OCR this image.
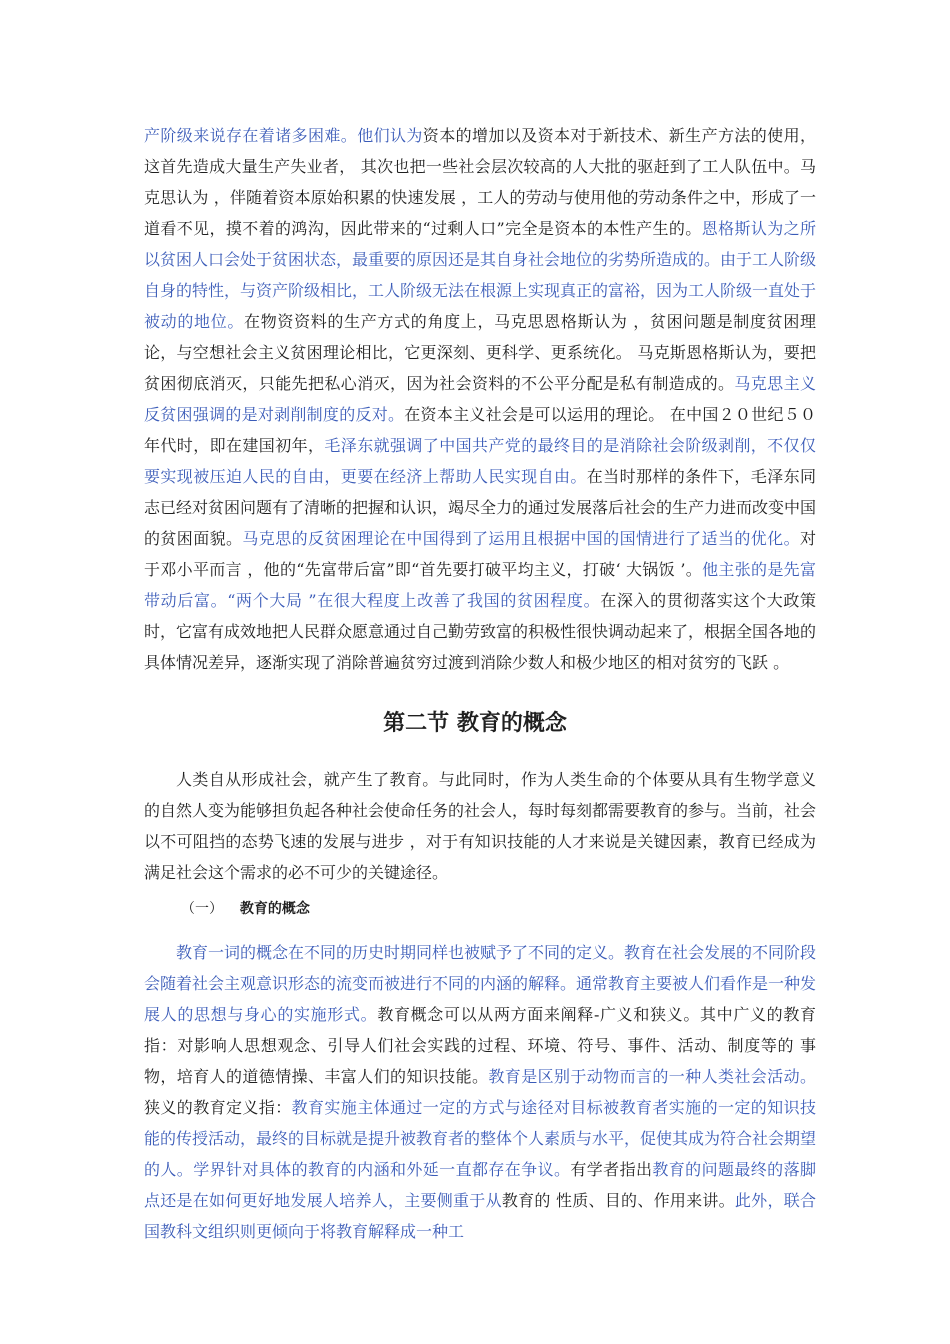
产阶级来说存在着诸多困难。他们认为资本的增加以及资本对于新技术、新生产方法的使用，这首先造成大量生产失业者， 其次也把一些社会层次较高的人大批的驱赶到了工人队伍中。马克思认为 ，伴随着资本原始积累的快速发展 ，工人的劳动与使用他的劳动条件之中，形成了一道看不见，摸不着的鸿沟，因此带来的“过剩人口”完全是资本的本性产生的。恩格斯认为之所以贫困人口会处于贫困状态，最重要的原因还是其自身社会地位的劣势所造成的。由于工人阶级自身的特性，与资产阶级相比，工人阶级无法在根源上实现真正的富裕，因为工人阶级一直处于被动的地位。在物资资料的生产方式的角度上，马克思恩格斯认为 ，贫困问题是制度贫困理论，与空想社会主义贫困理论相比，它更深刻、更科学、更系统化。 马克斯恩格斯认为，要把贫困彻底消灭，只能先把私心消灭，因为社会资料的不公平分配是私有制造成的。马克思主义反贫困强调的是对剥削制度的反对。在资本主义社会是可以运用的理论。 在中国２０世纪５０年代时，即在建国初年，毛泽东就强调了中国共产党的最终目的是消除社会阶级剥削，不仅仅要实现被压迫人民的自由，更要在经济上帮助人民实现自由。在当时那样的条件下，毛泽东同志已经对贫困问题有了清晰的把握和认识，竭尽全力的通过发展落后社会的生产力进而改变中国的贫困面貌。马克思的反贫困理论在中国得到了运用且根据中国的国情进行了适当的优化。对于邓小平而言 ，他的“先富带后富”即“首先要打破平均主义，打破‘ 大锅饭 ’。他主张的是先富带动后富。“两个大局 ”在很大程度上改善了我国的贫困程度。在深入的贯彻落实这个大政策时，它富有成效地把人民群众愿意通过自己勤劳致富的积极性很快调动起来了，根据全国各地的具体情况差异，逐渐实现了消除普遍贫穷过渡到消除少数人和极少地区的相对贫穷的飞跃 。

第二节 教育的概念

人类自从形成社会，就产生了教育。与此同时，作为人类生命的个体要从具有生物学意义 的自然人变为能够担负起各种社会使命任务的社会人，每时每刻都需要教育的参与。当前，社会以不可阻挡的态势飞速的发展与进步 ，对于有知识技能的人才来说是关键因素，教育已经成为满足社会这个需求的必不可少的关键途径。

（一） 教育的概念

教育一词的概念在不同的历史时期同样也被赋予了不同的定义。教育在社会发展的不同阶段会随着社会主观意识形态的流变而被进行不同的内涵的解释。通常教育主要被人们看作是一种发展人的思想与身心的实施形式。教育概念可以从两方面来阐释-广义和狭义。其中广义的教育指：对影响人思想观念、引导人们社会实践的过程、环境、符号、事件、活动、制度等的 事物，培育人的道德情操、丰富人们的知识技能。教育是区别于动物而言的一种人类社会活动。狭义的教育定义指：教育实施主体通过一定的方式与途径对目标被教育者实施的一定的知识技能的传授活动，最终的目标就是提升被教育者的整体个人素质与水平，促使其成为符合社会期望的人。学界针对具体的教育的内涵和外延一直都存在争议。有学者指出教育的问题最终的落脚点还是在如何更好地发展人培养人，主要侧重于从教育的 性质、目的、作用来讲。此外，联合国教科文组织则更倾向于将教育解释成一种工
